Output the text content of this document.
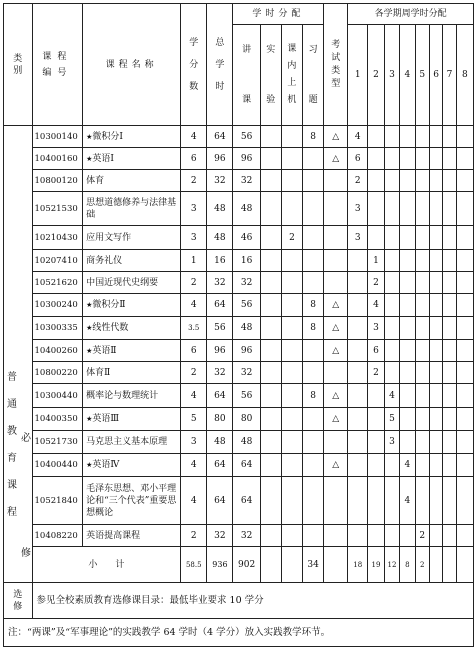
类别	课程编号	课程名称	学分数	总学时	学时分配				考试类型	各学期周学时分配							
					讲课	实验	课内上机	习题		1	2	3	4	5	6	7	8

普通教育课程
必修	10300140	★微积分Ⅰ	4	64	56			8	△	4							
	10400160	★英语Ⅰ	6	96	96				△	6							
	10800120	体育	2	32	32					2							
	10521530	思想道德修养与法律基础	3	48	48					3							
	10210430	应用文写作	3	48	46		2			3							
	10207410	商务礼仪	1	16	16						1						
	10521620	中国近现代史纲要	2	32	32						2						
	10300240	★微积分Ⅱ	4	64	56			8	△		4						
	10300335	★线性代数	3.5	56	48			8	△		3						
	10400260	★英语Ⅱ	6	96	96				△		6						
	10800220	体育Ⅱ	2	32	32						2						
	10300440	概率论与数理统计	4	64	56			8	△			4					
	10400350	★英语Ⅲ	5	80	80				△			5					
	10521730	马克思主义基本原理	3	48	48							3					
	10400440	★英语Ⅳ	4	64	64				△				4				
	10521840	毛泽东思想、邓小平理论和“三个代表”重要思想概论	4	64	64								4				
	10408220	英语提高课程	2	32	32									2			
	小　　计		58.5	936	902			34		18	19	12	8	2			
选修	参见全校素质教育选修课目录：最低毕业要求 10 学分																
注：“两课”及“军事理论”的实践教学 64 学时（4 学分）放入实践教学环节。																	
